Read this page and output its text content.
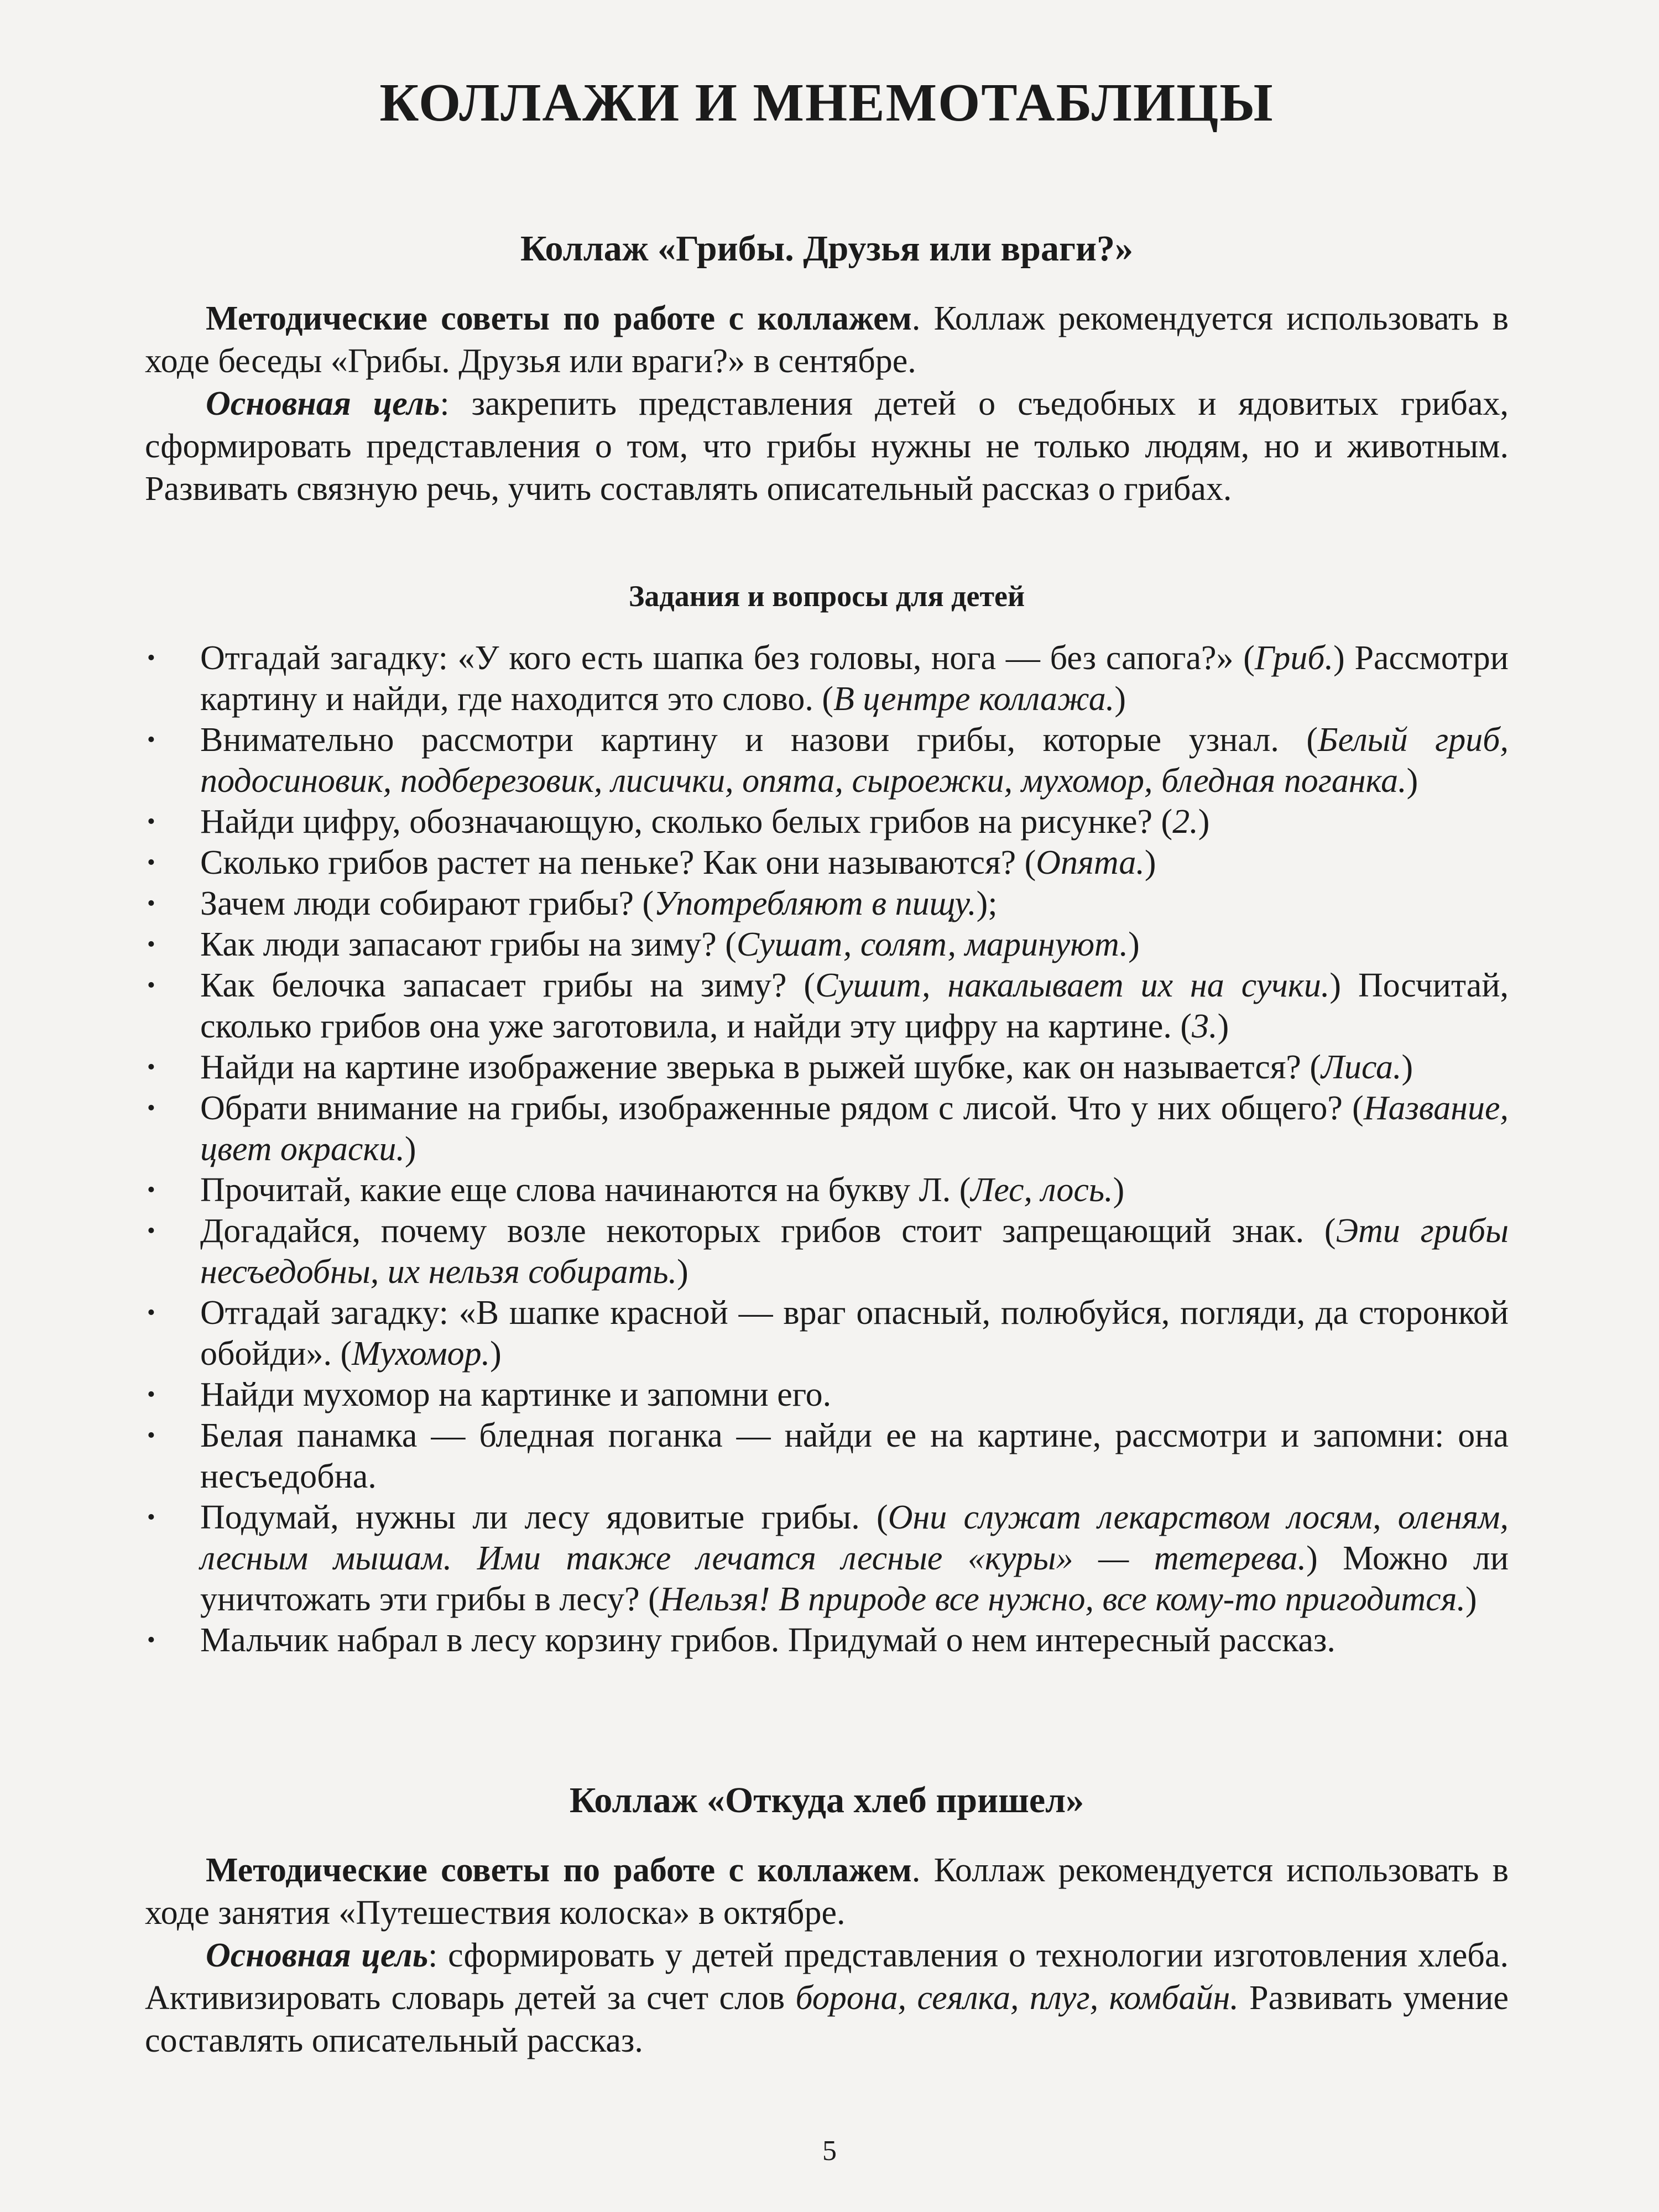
КОЛЛАЖИ И МНЕМОТАБЛИЦЫ
Коллаж «Грибы. Друзья или враги?»

Методические советы по работе с коллажем. Коллаж рекомендуется использовать в ходе беседы «Грибы. Друзья или враги?» в сентябре.

Основная цель: закрепить представления детей о съедобных и ядовитых грибах, сформировать представления о том, что грибы нужны не только людям, но и животным. Развивать связную речь, учить составлять описательный рассказ о грибах.

Задания и вопросы для детей
• Отгадай загадку: «У кого есть шапка без головы, нога — без сапога?» (Гриб.) Рассмотри картину и найди, где находится это слово. (В центре коллажа.)
• Внимательно рассмотри картину и назови грибы, которые узнал. (Белый гриб, подосиновик, подберезовик, лисички, опята, сыроежки, мухомор, бледная поганка.)
• Найди цифру, обозначающую, сколько белых грибов на рисунке? (2.)
• Сколько грибов растет на пеньке? Как они называются? (Опята.)
• Зачем люди собирают грибы? (Употребляют в пищу.);
• Как люди запасают грибы на зиму? (Сушат, солят, маринуют.)
• Как белочка запасает грибы на зиму? (Сушит, накалывает их на сучки.) Посчитай, сколько грибов она уже заготовила, и найди эту цифру на картине. (3.)
• Найди на картине изображение зверька в рыжей шубке, как он называется? (Лиса.)
• Обрати внимание на грибы, изображенные рядом с лисой. Что у них общего? (Название, цвет окраски.)
• Прочитай, какие еще слова начинаются на букву Л. (Лес, лось.)
• Догадайся, почему возле некоторых грибов стоит запрещающий знак. (Эти грибы несъедобны, их нельзя собирать.)
• Отгадай загадку: «В шапке красной — враг опасный, полюбуйся, погляди, да сторонкой обойди». (Мухомор.)
• Найди мухомор на картинке и запомни его.
• Белая панамка — бледная поганка — найди ее на картине, рассмотри и запомни: она несъедобна.
• Подумай, нужны ли лесу ядовитые грибы. (Они служат лекарством лосям, оленям, лесным мышам. Ими также лечатся лесные «куры» — тетерева.) Можно ли уничтожать эти грибы в лесу? (Нельзя! В природе все нужно, все кому-то пригодится.)
• Мальчик набрал в лесу корзину грибов. Придумай о нем интересный рассказ.
Коллаж «Откуда хлеб пришел»

Методические советы по работе с коллажем. Коллаж рекомендуется использовать в ходе занятия «Путешествия колоска» в октябре.

Основная цель: сформировать у детей представления о технологии изготовления хлеба. Активизировать словарь детей за счет слов борона, сеялка, плуг, комбайн. Развивать умение составлять описательный рассказ.

5
